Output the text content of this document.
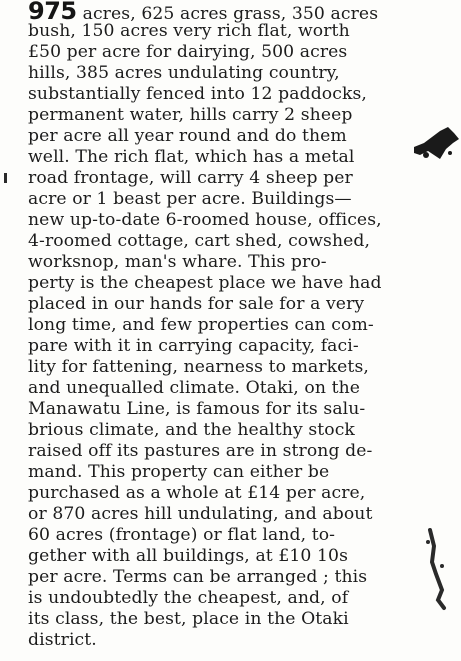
975 acres, 625 acres grass, 350 acres
bush, 150 acres very rich flat, worth
£50 per acre for dairying, 500 acres
hills, 385 acres undulating country,
substantially fenced into 12 paddocks,
permanent water, hills carry 2 sheep
per acre all year round and do them
well. The rich flat, which has a metal
road frontage, will carry 4 sheep per
acre or 1 beast per acre. Buildings—
new up-to-date 6-roomed house, offices,
4-roomed cottage, cart shed, cowshed,
worksnop, man's whare. This pro-
perty is the cheapest place we have had
placed in our hands for sale for a very
long time, and few properties can com-
pare with it in carrying capacity, faci-
lity for fattening, nearness to markets,
and unequalled climate. Otaki, on the
Manawatu Line, is famous for its salu-
brious climate, and the healthy stock
raised off its pastures are in strong de-
mand. This property can either be
purchased as a whole at £14 per acre,
or 870 acres hill undulating, and about
60 acres (frontage) or flat land, to-
gether with all buildings, at £10 10s
per acre. Terms can be arranged ; this
is undoubtedly the cheapest, and, of
its class, the best, place in the Otaki
district.
